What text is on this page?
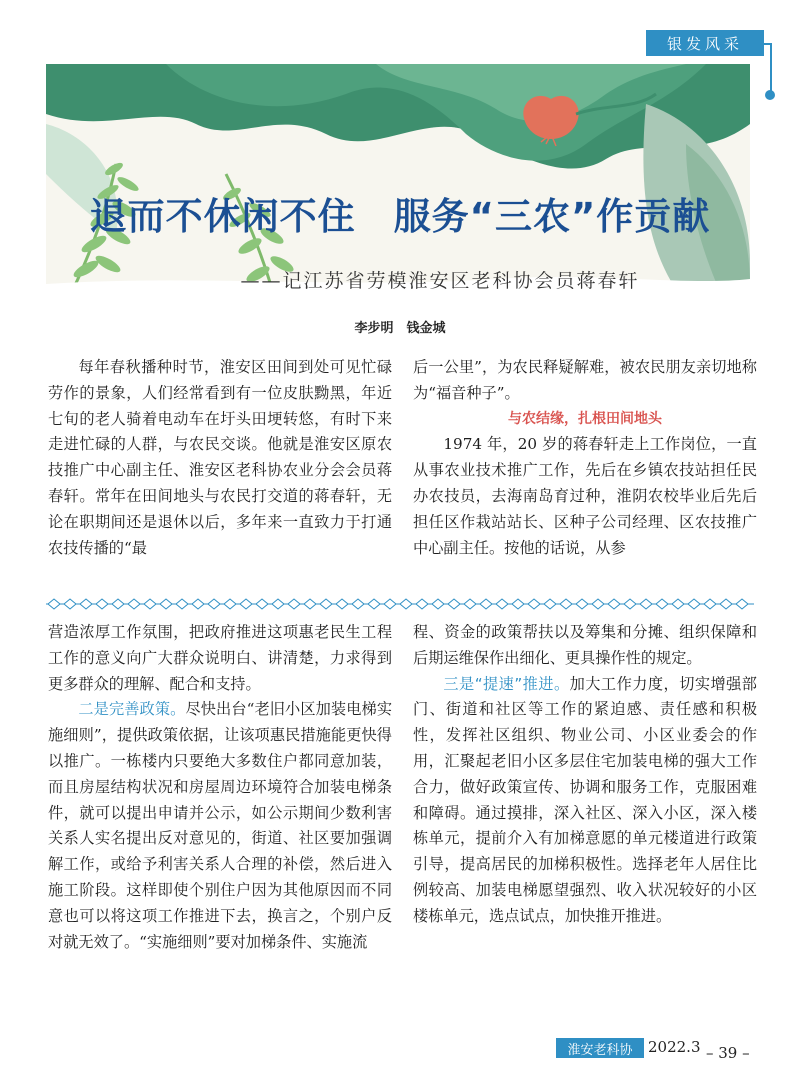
银发风采
退而不休闲不住　服务“三农”作贡献
——记江苏省劳模淮安区老科协会员蒋春轩
李步明　钱金城

每年春秋播种时节，淮安区田间到处可见忙碌劳作的景象，人们经常看到有一位皮肤黝黑，年近七旬的老人骑着电动车在圩头田埂转悠，有时下来走进忙碌的人群，与农民交谈。他就是淮安区原农技推广中心副主任、淮安区老科协农业分会会员蒋春轩。常年在田间地头与农民打交道的蒋春轩，无论在职期间还是退休以后，多年来一直致力于打通农技传播的“最

后一公里”，为农民释疑解难，被农民朋友亲切地称为“福音种子”。

与农结缘，扎根田间地头

1974 年，20 岁的蒋春轩走上工作岗位，一直从事农业技术推广工作，先后在乡镇农技站担任民办农技员，去海南岛育过种，淮阴农校毕业后先后担任区作栽站站长、区种子公司经理、区农技推广中心副主任。按他的话说，从参

营造浓厚工作氛围，把政府推进这项惠老民生工程工作的意义向广大群众说明白、讲清楚，力求得到更多群众的理解、配合和支持。

二是完善政策。尽快出台“老旧小区加装电梯实施细则”，提供政策依据，让该项惠民措施能更快得以推广。一栋楼内只要绝大多数住户都同意加装，而且房屋结构状况和房屋周边环境符合加装电梯条件，就可以提出申请并公示，如公示期间少数利害关系人实名提出反对意见的，街道、社区要加强调解工作，或给予利害关系人合理的补偿，然后进入施工阶段。这样即使个别住户因为其他原因而不同意也可以将这项工作推进下去，换言之，个别户反对就无效了。“实施细则”要对加梯条件、实施流

程、资金的政策帮扶以及筹集和分摊、组织保障和后期运维保作出细化、更具操作性的规定。

三是“提速”推进。加大工作力度，切实增强部门、街道和社区等工作的紧迫感、责任感和积极性，发挥社区组织、物业公司、小区业委会的作用，汇聚起老旧小区多层住宅加装电梯的强大工作合力，做好政策宣传、协调和服务工作，克服困难和障碍。通过摸排，深入社区、深入小区，深入楼栋单元，提前介入有加梯意愿的单元楼道进行政策引导，提高居民的加梯积极性。选择老年人居住比例较高、加装电梯愿望强烈、收入状况较好的小区楼栋单元，选点试点，加快推开推进。

淮安老科协	2022.3 – 39 –
